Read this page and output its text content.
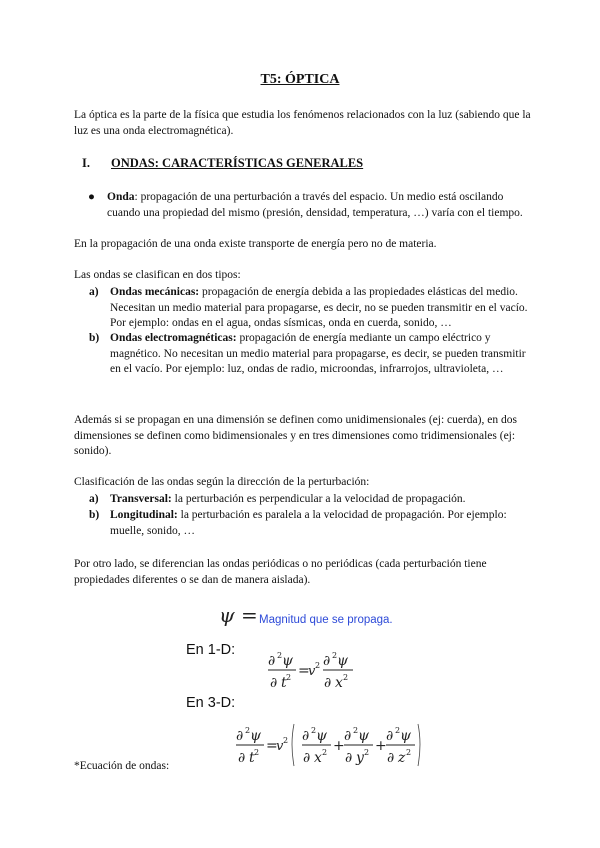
T5: ÓPTICA
La óptica es la parte de la física que estudia los fenómenos relacionados con la luz (sabiendo que la luz es una onda electromagnética).
I. ONDAS: CARACTERÍSTICAS GENERALES
● Onda: propagación de una perturbación a través del espacio. Un medio está oscilando cuando una propiedad del mismo (presión, densidad, temperatura, …) varía con el tiempo.
En la propagación de una onda existe transporte de energía pero no de materia.
Las ondas se clasifican en dos tipos:
a) Ondas mecánicas: propagación de energía debida a las propiedades elásticas del medio. Necesitan un medio material para propagarse, es decir, no se pueden transmitir en el vacío. Por ejemplo: ondas en el agua, ondas sísmicas, onda en cuerda, sonido, …
b) Ondas electromagnéticas: propagación de energía mediante un campo eléctrico y magnético. No necesitan un medio material para propagarse, es decir, se pueden transmitir en el vacío. Por ejemplo: luz, ondas de radio, microondas, infrarrojos, ultravioleta, …
Además si se propagan en una dimensión se definen como unidimensionales (ej: cuerda), en dos dimensiones se definen como bidimensionales y en tres dimensiones como tridimensionales (ej: sonido).
Clasificación de las ondas según la dirección de la perturbación:
a) Transversal: la perturbación es perpendicular a la velocidad de propagación.
b) Longitudinal: la perturbación es paralela a la velocidad de propagación. Por ejemplo: muelle, sonido, …
Por otro lado, se diferencian las ondas periódicas o no periódicas (cada perturbación tiene propiedades diferentes o se dan de manera aislada).
ψ = Magnitud que se propaga.
En 1-D:
∂ 2 ψ
∂ t 2 =
v 2 ∂ 2 ψ
∂ x 2
En 3-D:
∂ 2 ψ
∂ t 2 =
v 2 ∂ 2 ψ
∂ x 2 +
∂ 2 ψ
∂ y 2 +
∂ 2 ψ
∂ z 2
*Ecuación de ondas:
